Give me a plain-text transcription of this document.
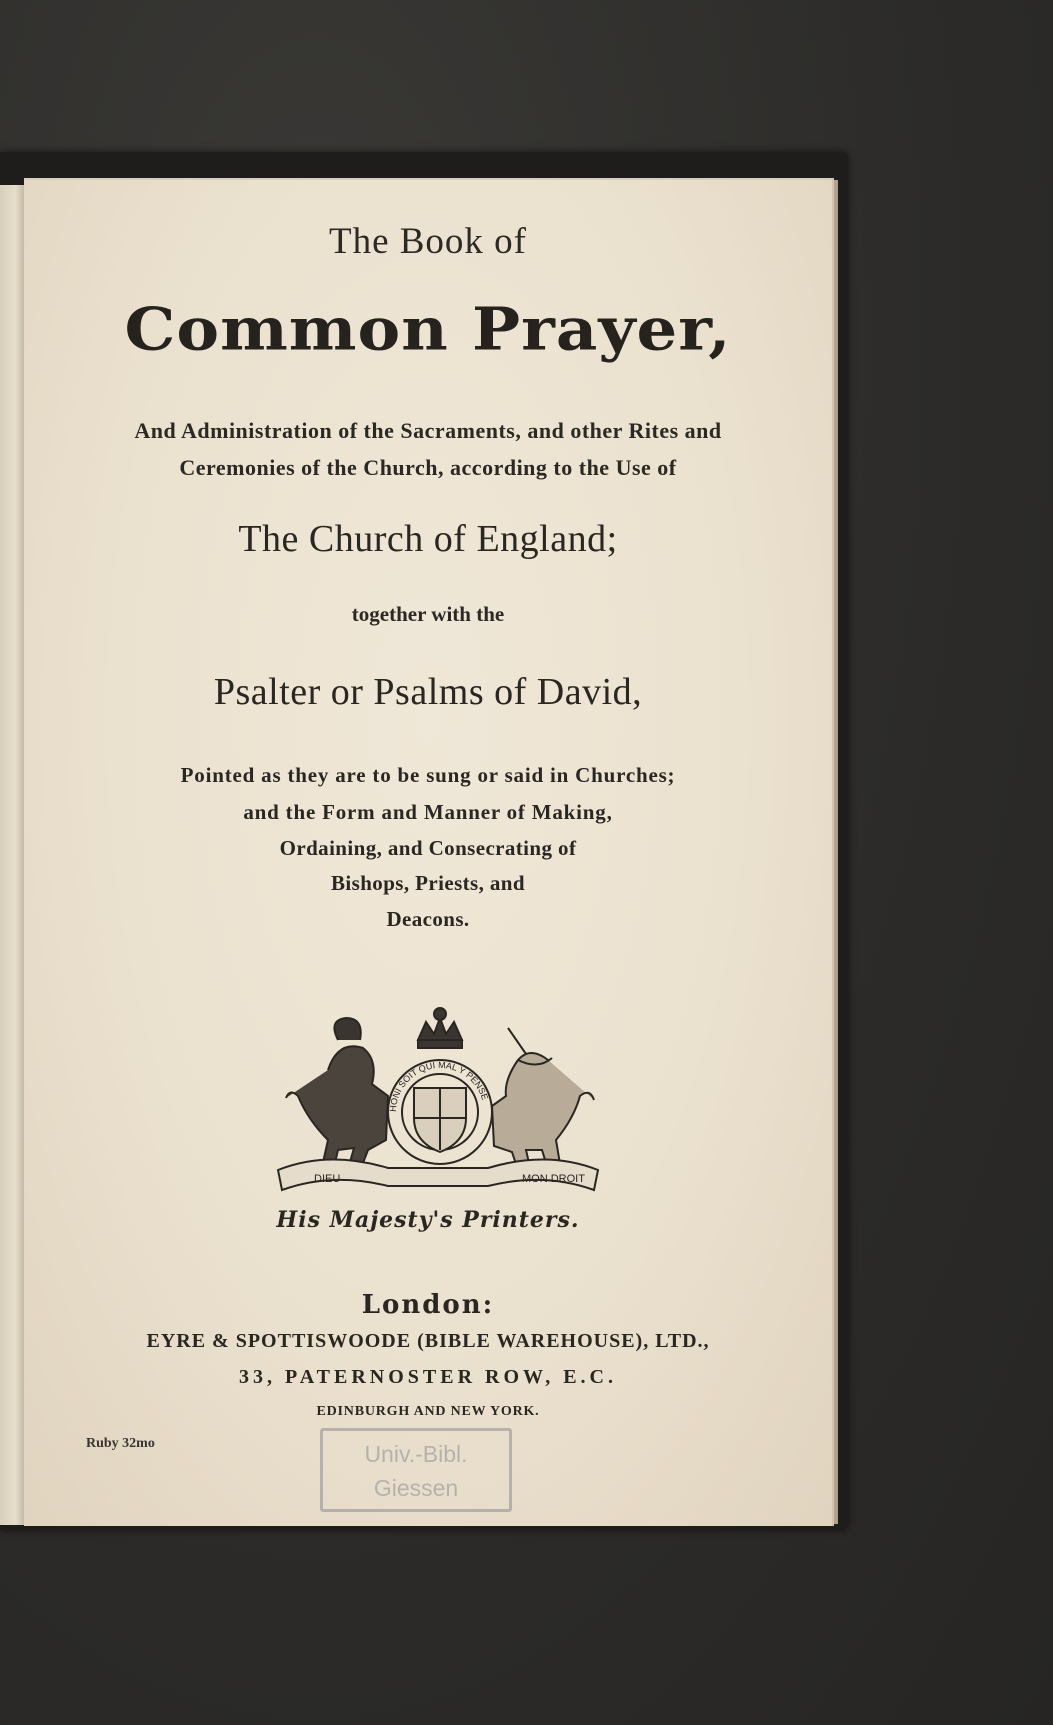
The Book of
Common Prayer,
And Administration of the Sacraments, and other Rites and
Ceremonies of the Church, according to the Use of
The Church of England;
together with the
Psalter or Psalms of David,
Pointed as they are to be sung or said in Churches;
and the Form and Manner of Making,
Ordaining, and Consecrating of
Bishops, Priests, and
Deacons.
DIEU	MON DROIT
HONI SOIT QUI MAL Y PENSE
His Majesty's Printers.
London:
EYRE & SPOTTISWOODE (BIBLE WAREHOUSE), LTD.,
33, PATERNOSTER ROW, E.C.
EDINBURGH AND NEW YORK.
Ruby 32mo	Univ.-Bibl.
Giessen
